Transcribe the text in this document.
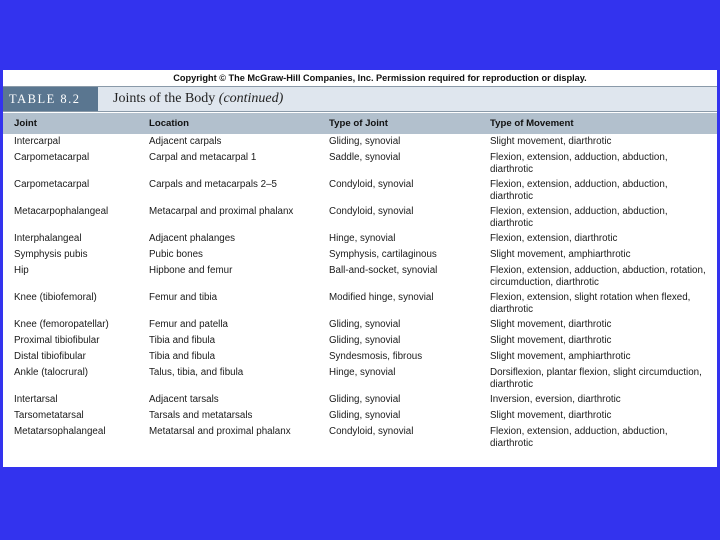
Copyright © The McGraw-Hill Companies, Inc. Permission required for reproduction or display.
TABLE 8.2	Joints of the Body (continued)
Joint	Location	Type of Joint	Type of Movement
Intercarpal	Adjacent carpals	Gliding, synovial	Slight movement, diarthrotic
Carpometacarpal	Carpal and metacarpal 1	Saddle, synovial	Flexion, extension, adduction, abduction, diarthrotic
Carpometacarpal	Carpals and metacarpals 2–5	Condyloid, synovial	Flexion, extension, adduction, abduction, diarthrotic
Metacarpophalangeal	Metacarpal and proximal phalanx	Condyloid, synovial	Flexion, extension, adduction, abduction, diarthrotic
Interphalangeal	Adjacent phalanges	Hinge, synovial	Flexion, extension, diarthrotic
Symphysis pubis	Pubic bones	Symphysis, cartilaginous	Slight movement, amphiarthrotic
Hip	Hipbone and femur	Ball-and-socket, synovial	Flexion, extension, adduction, abduction, rotation, circumduction, diarthrotic
Knee (tibiofemoral)	Femur and tibia	Modified hinge, synovial	Flexion, extension, slight rotation when flexed, diarthrotic
Knee (femoropatellar)	Femur and patella	Gliding, synovial	Slight movement, diarthrotic
Proximal tibiofibular	Tibia and fibula	Gliding, synovial	Slight movement, diarthrotic
Distal tibiofibular	Tibia and fibula	Syndesmosis, fibrous	Slight movement, amphiarthrotic
Ankle (talocrural)	Talus, tibia, and fibula	Hinge, synovial	Dorsiflexion, plantar flexion, slight circumduction, diarthrotic
Intertarsal	Adjacent tarsals	Gliding, synovial	Inversion, eversion, diarthrotic
Tarsometatarsal	Tarsals and metatarsals	Gliding, synovial	Slight movement, diarthrotic
Metatarsophalangeal	Metatarsal and proximal phalanx	Condyloid, synovial	Flexion, extension, adduction, abduction, diarthrotic
